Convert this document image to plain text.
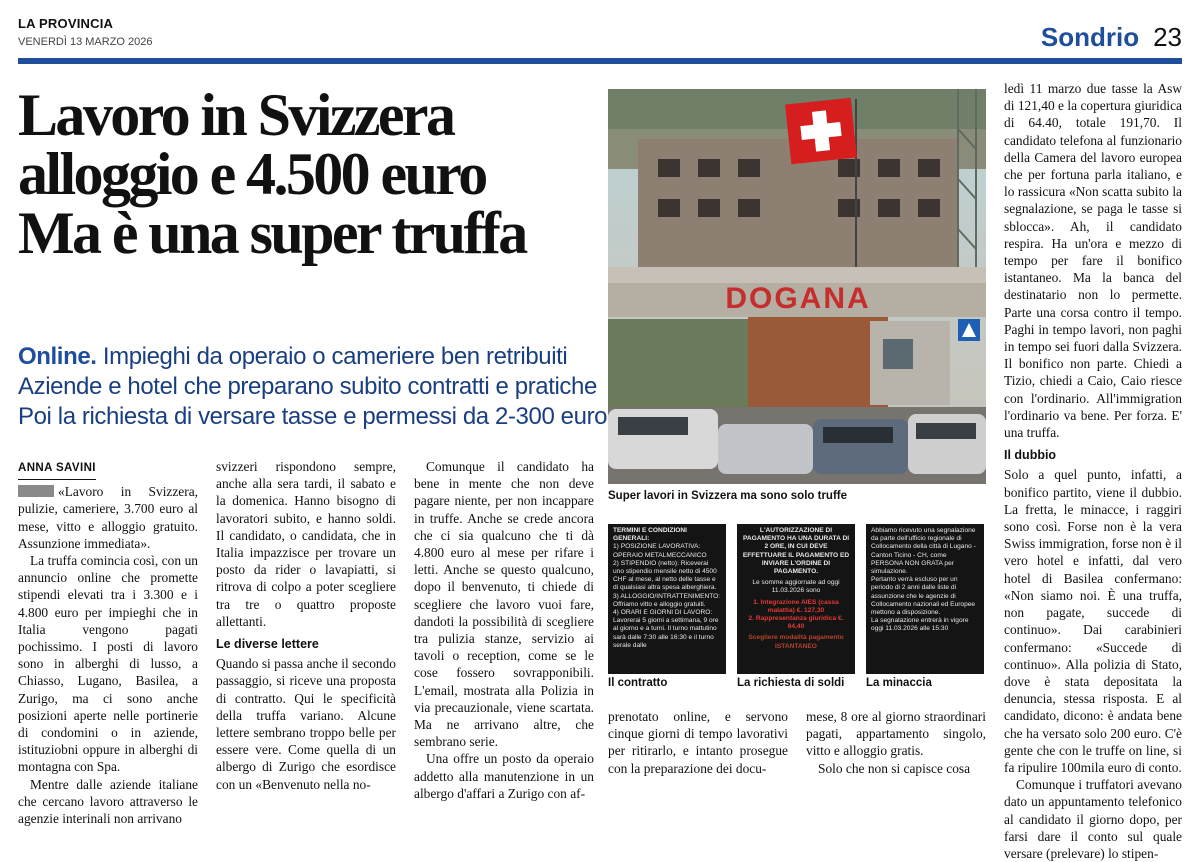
LA PROVINCIA
VENERDÌ 13 MARZO 2026	Sondrio 23
Lavoro in Svizzera
alloggio e 4.500 euro
Ma è una super truffa
Online. Impieghi da operaio o cameriere ben retribuiti
Aziende e hotel che preparano subito contratti e pratiche
Poi la richiesta di versare tasse e permessi da 2-300 euro
ANNA SAVINI

«Lavoro in Svizzera, pulizie, cameriere, 3.700 euro al mese, vitto e alloggio gratuito. Assunzione immediata».

La truffa comincia così, con un annuncio online che promette stipendi elevati tra i 3.300 e i 4.800 euro per impieghi che in Italia vengono pagati pochissimo. I posti di lavoro sono in alberghi di lusso, a Chiasso, Lugano, Basilea, a Zurigo, ma ci sono anche posizioni aperte nelle portinerie di condomini o in aziende, istituziobni oppure in alberghi di montagna con Spa.

Mentre dalle aziende italiane che cercano lavoro attraverso le agenzie interinali non arrivano

svizzeri rispondono sempre, anche alla sera tardi, il sabato e la domenica. Hanno bisogno di lavoratori subito, e hanno soldi. Il candidato, o candidata, che in Italia impazzisce per trovare un posto da rider o lavapiatti, si ritrova di colpo a poter scegliere tra tre o quattro proposte allettanti.

Le diverse lettere

Quando si passa anche il secondo passaggio, si riceve una proposta di contratto. Qui le specificità della truffa variano. Alcune lettere sembrano troppo belle per essere vere. Come quella di un albergo di Zurigo che esordisce con un «Benvenuto nella no-

Comunque il candidato ha bene in mente che non deve pagare niente, per non incappare in truffe. Anche se crede ancora che ci sia qualcuno che ti dà 4.800 euro al mese per rifare i letti. Anche se questo qualcuno, dopo il benvenuto, ti chiede di scegliere che lavoro vuoi fare, dandoti la possibilità di scegliere tra pulizia stanze, servizio ai tavoli o reception, come se le cose fossero sovrapponibili. L'email, mostrata alla Polizia in via precauzionale, viene scartata. Ma ne arrivano altre, che sembrano serie.

Una offre un posto da operaio addetto alla manutenzione in un albergo d'affari a Zurigo con af-

DOGANA
Super lavori in Svizzera ma sono solo truffe
TERMINI E CONDIZIONI GENERALI:
1) POSIZIONE LAVORATIVA: OPERAIO METALMECCANICO
2) STIPENDIO (netto): Riceverai uno stipendio mensile netto di 4500 CHF al mese, al netto delle tasse e di qualsiasi altra spesa alberghiera.
3) ALLOGGIO/INTRATTENIMENTO: Offriamo vitto e alloggio gratuiti.
4) ORARI E GIORNI DI LAVORO: Lavorerai 5 giorni a settimana, 9 ore al giorno e a turni. Il turno mattutino sarà dalle 7:30 alle 16:30 e il turno serale dalle
Il contratto
L'AUTORIZZAZIONE DI PAGAMENTO HA UNA DURATA DI 2 ORE, IN CUI DEVE EFFETTUARE IL PAGAMENTO ED INVIARE L'ORDINE DI PAGAMENTO.
Le somme aggiornate ad oggi 11.03.2026 sono
1. Integrazione AIES (cassa malattia) €. 127,30
2. Rappresentanza giuridica €. 64,40
Scegliere modalità pagamento ISTANTANEO
La richiesta di soldi
Abbiamo ricevuto una segnalazione da parte dell'ufficio regionale di Collocamento della città di Lugano - Canton Ticino - CH, come PERSONA NON GRATA per simulazione.
Pertanto verrà escluso per un periodo di 2 anni dalle liste di assunzione che le agenzie di Collocamento nazionali ed Europee mettono a disposizione.
La segnalazione entrerà in vigore oggi 11.03.2026 alle 15:30
La minaccia

prenotato online, e servono cinque giorni di tempo lavorativi per ritirarlo, e intanto prosegue con la preparazione dei docu-

mese, 8 ore al giorno straordinari pagati, appartamento singolo, vitto e alloggio gratis.

Solo che non si capisce cosa

ledì 11 marzo due tasse la Asw di 121,40 e la copertura giuridica di 64.40, totale 191,70. Il candidato telefona al funzionario della Camera del lavoro europea che per fortuna parla italiano, e lo rassicura «Non scatta subito la segnalazione, se paga le tasse si sblocca». Ah, il candidato respira. Ha un'ora e mezzo di tempo per fare il bonifico istantaneo. Ma la banca del destinatario non lo permette. Parte una corsa contro il tempo. Paghi in tempo lavori, non paghi in tempo sei fuori dalla Svizzera. Il bonifico non parte. Chiedi a Tizio, chiedi a Caio, Caio riesce con l'ordinario. All'immigration l'ordinario va bene. Per forza. E' una truffa.

Il dubbio

Solo a quel punto, infatti, a bonifico partito, viene il dubbio. La fretta, le minacce, i raggiri sono così. Forse non è la vera Swiss immigration, forse non è il vero hotel e infatti, dal vero hotel di Basilea confermano: «Non siamo noi. È una truffa, non pagate, succede di continuo». Dai carabinieri confermano: «Succede di continuo». Alla polizia di Stato, dove è stata depositata la denuncia, stessa risposta. E al candidato, dicono: è andata bene che ha versato solo 200 euro. C'è gente che con le truffe on line, si fa ripulire 100mila euro di conto.

Comunque i truffatori avevano dato un appuntamento telefonico al candidato il giorno dopo, per farsi dare il conto sul quale versare (prelevare) lo stipen-
